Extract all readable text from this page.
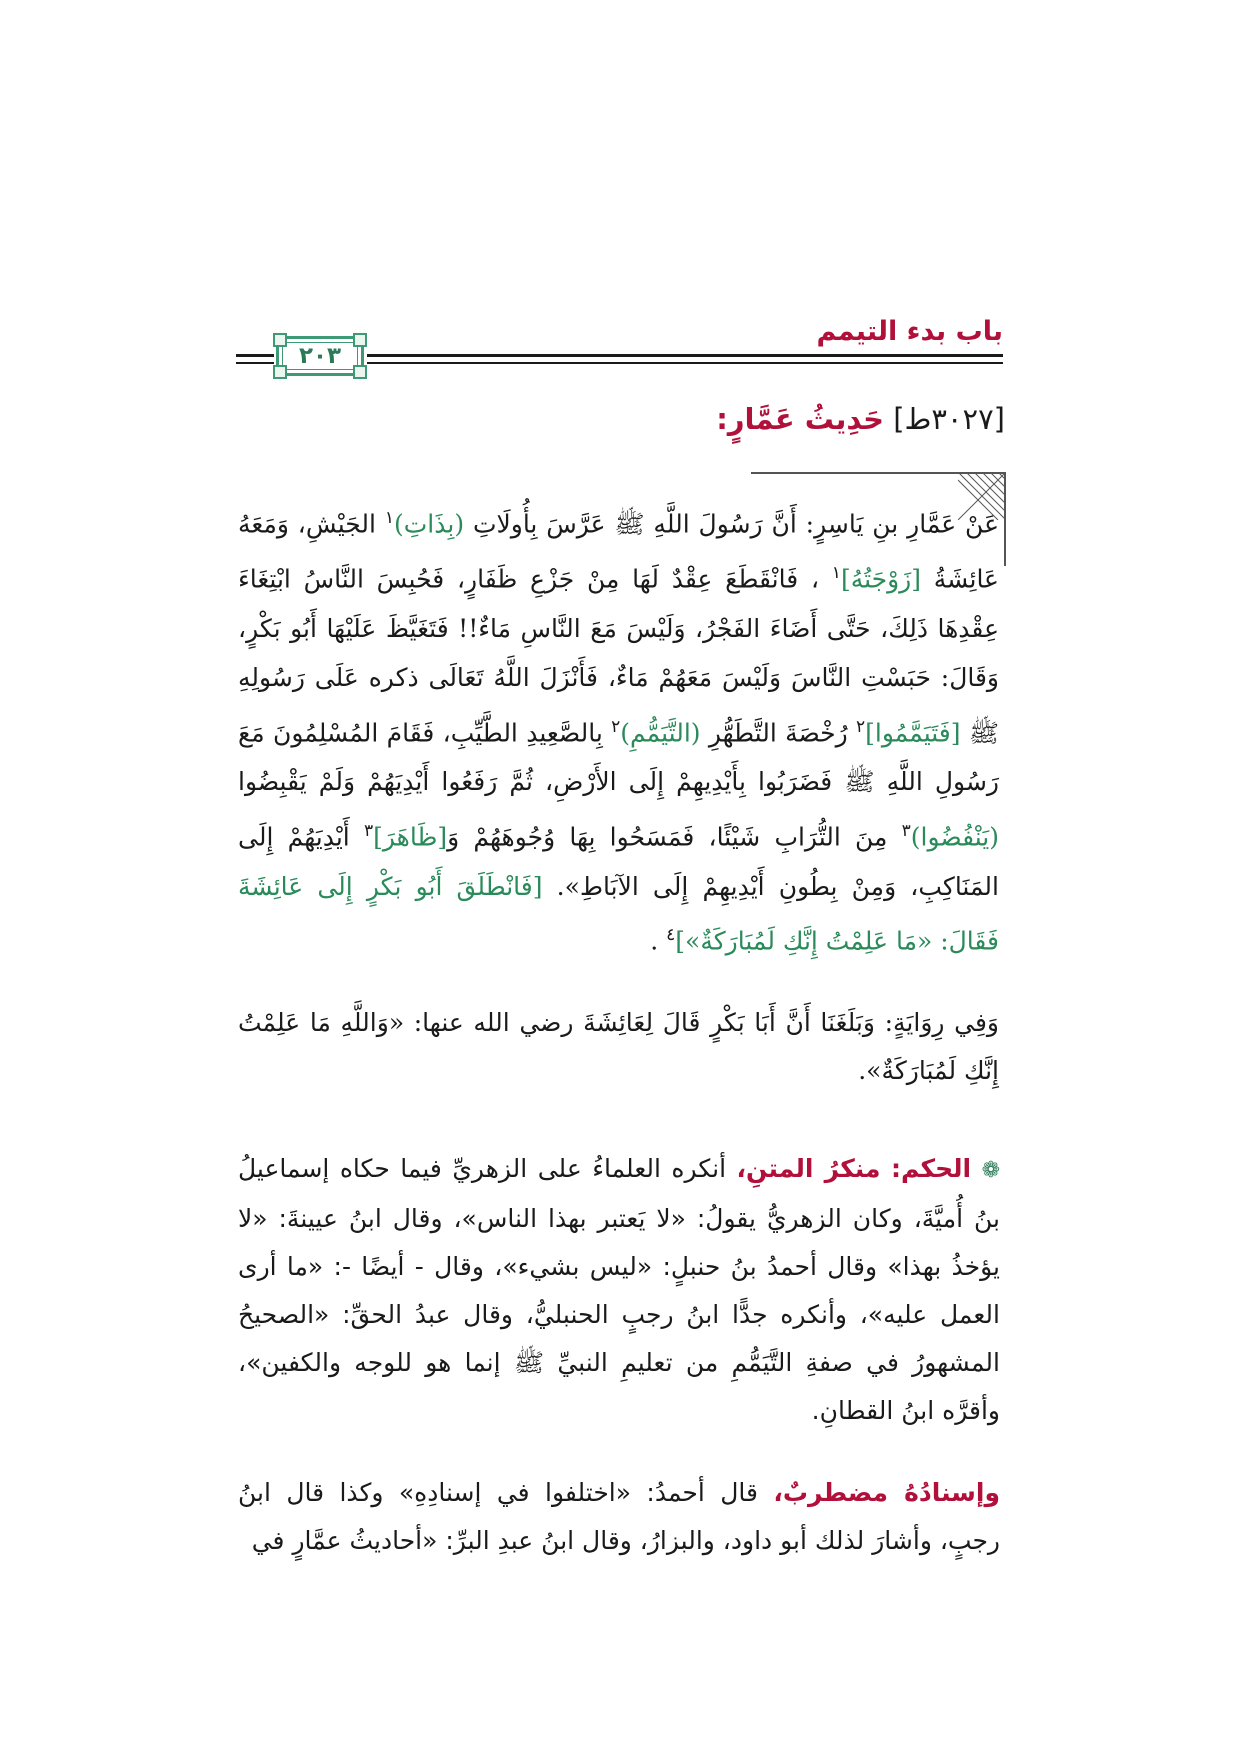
باب بدء التيمم
٢٠٣
[٣٠٢٧ط] حَدِيثُ عَمَّارٍ:
عَنْ عَمَّارِ بنِ يَاسِرٍ: أَنَّ رَسُولَ اللَّهِ ﷺ عَرَّسَ بِأُولَاتِ (بِذَاتِ)$^١$ الجَيْشِ، وَمَعَهُ عَائِشَةُ [زَوْجَتُهُ]$^١$ ، فَانْقَطَعَ عِقْدٌ لَهَا مِنْ جَزْعِ ظَفَارٍ، فَحُبِسَ النَّاسُ ابْتِغَاءَ عِقْدِهَا ذَلِكَ، حَتَّى أَضَاءَ الفَجْرُ، وَلَيْسَ مَعَ النَّاسِ مَاءٌ!! فَتَغَيَّظَ عَلَيْهَا أَبُو بَكْرٍ، وَقَالَ: حَبَسْتِ النَّاسَ وَلَيْسَ مَعَهُمْ مَاءٌ، فَأَنْزَلَ اللَّهُ تَعَالَى ذكره عَلَى رَسُولِهِ ﷺ [فَتَيَمَّمُوا]$^٢$ رُخْصَةَ التَّطَهُّرِ (التَّيَمُّمِ)$^٢$ بِالصَّعِيدِ الطَّيِّبِ، فَقَامَ المُسْلِمُونَ مَعَ رَسُولِ اللَّهِ ﷺ فَضَرَبُوا بِأَيْدِيهِمْ إِلَى الأَرْضِ، ثُمَّ رَفَعُوا أَيْدِيَهُمْ وَلَمْ يَقْبِضُوا (يَنْفُضُوا)$^٣$ مِنَ التُّرَابِ شَيْئًا، فَمَسَحُوا بِهَا وُجُوهَهُمْ وَ[ظَاهَرَ]$^٣$ أَيْدِيَهُمْ إِلَى المَنَاكِبِ، وَمِنْ بِطُونِ أَيْدِيهِمْ إِلَى الآبَاطِ». [فَانْطَلَقَ أَبُو بَكْرٍ إِلَى عَائِشَةَ فَقَالَ: «مَا عَلِمْتُ إِنَّكِ لَمُبَارَكَةٌ»]$^٤$ .
وَفِي رِوَايَةٍ: وَبَلَغَنَا أَنَّ أَبَا بَكْرٍ قَالَ لِعَائِشَةَ رضي الله عنها: «وَاللَّهِ مَا عَلِمْتُ إِنَّكِ لَمُبَارَكَةٌ».
❁ الحكم: منكرُ المتنِ، أنكره العلماءُ على الزهريِّ فيما حكاه إسماعيلُ بنُ أُميَّةَ، وكان الزهريُّ يقولُ: «لا يَعتبر بهذا الناس»، وقال ابنُ عيينةَ: «لا يؤخذُ بهذا» وقال أحمدُ بنُ حنبلٍ: «ليس بشيء»، وقال - أيضًا -: «ما أرى العمل عليه»، وأنكره جدًّا ابنُ رجبٍ الحنبليُّ، وقال عبدُ الحقِّ: «الصحيحُ المشهورُ في صفةِ التَّيَمُّمِ من تعليمِ النبيِّ ﷺ إنما هو للوجه والكفين»، وأقرَّه ابنُ القطانِ.
وإسنادُهُ مضطربٌ، قال أحمدُ: «اختلفوا في إسنادِهِ» وكذا قال ابنُ رجبٍ، وأشارَ لذلك أبو داود، والبزارُ، وقال ابنُ عبدِ البرِّ: «أحاديثُ عمَّارٍ في
